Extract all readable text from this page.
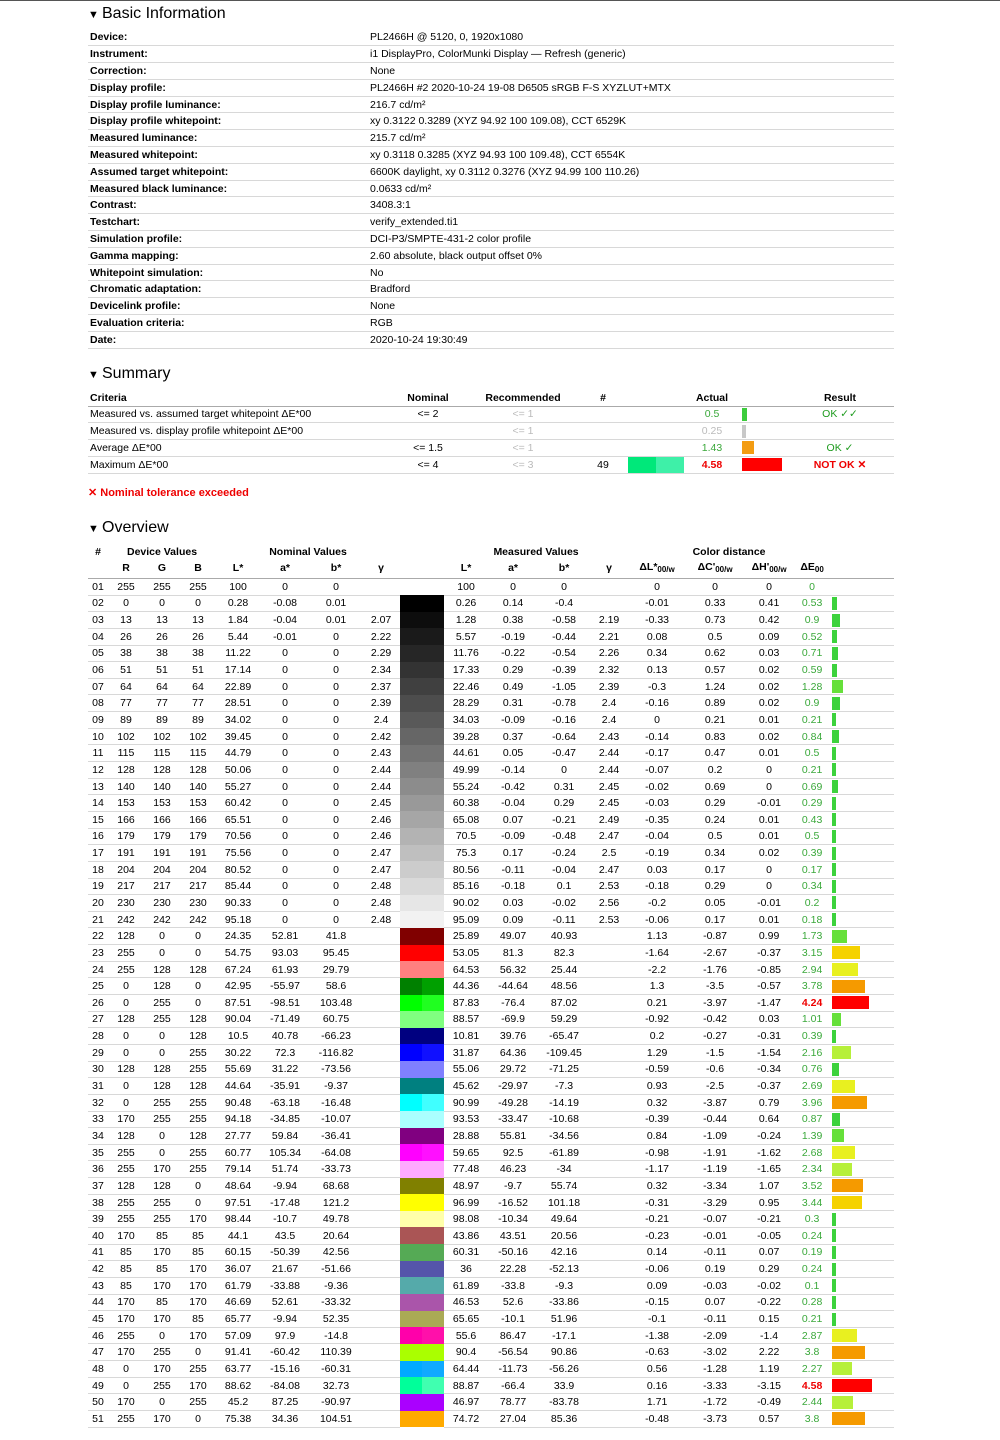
▼ Basic Information
Device:	PL2466H @ 5120, 0, 1920x1080
Instrument:	i1 DisplayPro, ColorMunki Display — Refresh (generic)
Correction:	None
Display profile:	PL2466H #2 2020-10-24 19-08 D6505 sRGB F-S XYZLUT+MTX
Display profile luminance:	216.7 cd/m²
Display profile whitepoint:	xy 0.3122 0.3289 (XYZ 94.92 100 109.08), CCT 6529K
Measured luminance:	215.7 cd/m²
Measured whitepoint:	xy 0.3118 0.3285 (XYZ 94.93 100 109.48), CCT 6554K
Assumed target whitepoint:	6600K daylight, xy 0.3112 0.3276 (XYZ 94.99 100 110.26)
Measured black luminance:	0.0633 cd/m²
Contrast:	3408.3:1
Testchart:	verify_extended.ti1
Simulation profile:	DCI-P3/SMPTE-431-2 color profile
Gamma mapping:	2.60 absolute, black output offset 0%
Whitepoint simulation:	No
Chromatic adaptation:	Bradford
Devicelink profile:	None
Evaluation criteria:	RGB
Date:	2020-10-24 19:30:49
▼ Summary
Criteria	Nominal	Recommended	#		Actual		Result
Measured vs. assumed target whitepoint ΔE*00	<= 2	<= 1			0.5		OK ✓✓
Measured vs. display profile whitepoint ΔE*00		<= 1			0.25		
Average ΔE*00	<= 1.5	<= 1			1.43		OK ✓
Maximum ΔE*00	<= 4	<= 3	49		4.58		NOT OK ✕
✕ Nominal tolerance exceeded
▼ Overview
#	Device Values			Nominal Values					Measured Values				Color distance				
	R	G	B	L*	a*	b*	γ		L*	a*	b*	γ	$\Delta L*_{00/w}$	$\Delta C'_{00/w}$	$\Delta H'_{00/w}$	$\Delta E_{00}$	
01	255	255	255	100	0	0			100	0	0		0	0	0	0	
02	0	0	0	0.28	-0.08	0.01			0.26	0.14	-0.4		-0.01	0.33	0.41	0.53	
03	13	13	13	1.84	-0.04	0.01	2.07		1.28	0.38	-0.58	2.19	-0.33	0.73	0.42	0.9	
04	26	26	26	5.44	-0.01	0	2.22		5.57	-0.19	-0.44	2.21	0.08	0.5	0.09	0.52	
05	38	38	38	11.22	0	0	2.29		11.76	-0.22	-0.54	2.26	0.34	0.62	0.03	0.71	
06	51	51	51	17.14	0	0	2.34		17.33	0.29	-0.39	2.32	0.13	0.57	0.02	0.59	
07	64	64	64	22.89	0	0	2.37		22.46	0.49	-1.05	2.39	-0.3	1.24	0.02	1.28	
08	77	77	77	28.51	0	0	2.39		28.29	0.31	-0.78	2.4	-0.16	0.89	0.02	0.9	
09	89	89	89	34.02	0	0	2.4		34.03	-0.09	-0.16	2.4	0	0.21	0.01	0.21	
10	102	102	102	39.45	0	0	2.42		39.28	0.37	-0.64	2.43	-0.14	0.83	0.02	0.84	
11	115	115	115	44.79	0	0	2.43		44.61	0.05	-0.47	2.44	-0.17	0.47	0.01	0.5	
12	128	128	128	50.06	0	0	2.44		49.99	-0.14	0	2.44	-0.07	0.2	0	0.21	
13	140	140	140	55.27	0	0	2.44		55.24	-0.42	0.31	2.45	-0.02	0.69	0	0.69	
14	153	153	153	60.42	0	0	2.45		60.38	-0.04	0.29	2.45	-0.03	0.29	-0.01	0.29	
15	166	166	166	65.51	0	0	2.46		65.08	0.07	-0.21	2.49	-0.35	0.24	0.01	0.43	
16	179	179	179	70.56	0	0	2.46		70.5	-0.09	-0.48	2.47	-0.04	0.5	0.01	0.5	
17	191	191	191	75.56	0	0	2.47		75.3	0.17	-0.24	2.5	-0.19	0.34	0.02	0.39	
18	204	204	204	80.52	0	0	2.47		80.56	-0.11	-0.04	2.47	0.03	0.17	0	0.17	
19	217	217	217	85.44	0	0	2.48		85.16	-0.18	0.1	2.53	-0.18	0.29	0	0.34	
20	230	230	230	90.33	0	0	2.48		90.02	0.03	-0.02	2.56	-0.2	0.05	-0.01	0.2	
21	242	242	242	95.18	0	0	2.48		95.09	0.09	-0.11	2.53	-0.06	0.17	0.01	0.18	
22	128	0	0	24.35	52.81	41.8			25.89	49.07	40.93		1.13	-0.87	0.99	1.73	
23	255	0	0	54.75	93.03	95.45			53.05	81.3	82.3		-1.64	-2.67	-0.37	3.15	
24	255	128	128	67.24	61.93	29.79			64.53	56.32	25.44		-2.2	-1.76	-0.85	2.94	
25	0	128	0	42.95	-55.97	58.6			44.36	-44.64	48.56		1.3	-3.5	-0.57	3.78	
26	0	255	0	87.51	-98.51	103.48			87.83	-76.4	87.02		0.21	-3.97	-1.47	4.24	
27	128	255	128	90.04	-71.49	60.75			88.57	-69.9	59.29		-0.92	-0.42	0.03	1.01	
28	0	0	128	10.5	40.78	-66.23			10.81	39.76	-65.47		0.2	-0.27	-0.31	0.39	
29	0	0	255	30.22	72.3	-116.82			31.87	64.36	-109.45		1.29	-1.5	-1.54	2.16	
30	128	128	255	55.69	31.22	-73.56			55.06	29.72	-71.25		-0.59	-0.6	-0.34	0.76	
31	0	128	128	44.64	-35.91	-9.37			45.62	-29.97	-7.3		0.93	-2.5	-0.37	2.69	
32	0	255	255	90.48	-63.18	-16.48			90.99	-49.28	-14.19		0.32	-3.87	0.79	3.96	
33	170	255	255	94.18	-34.85	-10.07			93.53	-33.47	-10.68		-0.39	-0.44	0.64	0.87	
34	128	0	128	27.77	59.84	-36.41			28.88	55.81	-34.56		0.84	-1.09	-0.24	1.39	
35	255	0	255	60.77	105.34	-64.08			59.65	92.5	-61.89		-0.98	-1.91	-1.62	2.68	
36	255	170	255	79.14	51.74	-33.73			77.48	46.23	-34		-1.17	-1.19	-1.65	2.34	
37	128	128	0	48.64	-9.94	68.68			48.97	-9.7	55.74		0.32	-3.34	1.07	3.52	
38	255	255	0	97.51	-17.48	121.2			96.99	-16.52	101.18		-0.31	-3.29	0.95	3.44	
39	255	255	170	98.44	-10.7	49.78			98.08	-10.34	49.64		-0.21	-0.07	-0.21	0.3	
40	170	85	85	44.1	43.5	20.64			43.86	43.51	20.56		-0.23	-0.01	-0.05	0.24	
41	85	170	85	60.15	-50.39	42.56			60.31	-50.16	42.16		0.14	-0.11	0.07	0.19	
42	85	85	170	36.07	21.67	-51.66			36	22.28	-52.13		-0.06	0.19	0.29	0.24	
43	85	170	170	61.79	-33.88	-9.36			61.89	-33.8	-9.3		0.09	-0.03	-0.02	0.1	
44	170	85	170	46.69	52.61	-33.32			46.53	52.6	-33.86		-0.15	0.07	-0.22	0.28	
45	170	170	85	65.77	-9.94	52.35			65.65	-10.1	51.96		-0.1	-0.11	0.15	0.21	
46	255	0	170	57.09	97.9	-14.8			55.6	86.47	-17.1		-1.38	-2.09	-1.4	2.87	
47	170	255	0	91.41	-60.42	110.39			90.4	-56.54	90.86		-0.63	-3.02	2.22	3.8	
48	0	170	255	63.77	-15.16	-60.31			64.44	-11.73	-56.26		0.56	-1.28	1.19	2.27	
49	0	255	170	88.62	-84.08	32.73			88.87	-66.4	33.9		0.16	-3.33	-3.15	4.58	
50	170	0	255	45.2	87.25	-90.97			46.97	78.77	-83.78		1.71	-1.72	-0.49	2.44	
51	255	170	0	75.38	34.36	104.51			74.72	27.04	85.36		-0.48	-3.73	0.57	3.8	
